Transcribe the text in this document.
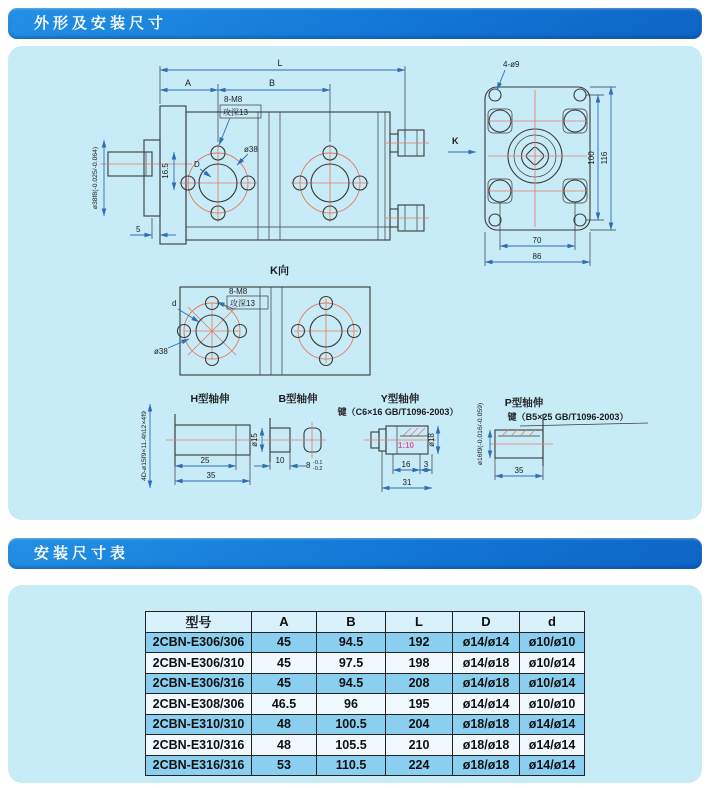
外形及安装尺寸
8-M8
攻深13
ø38
D
L
A	B
16.5
5
ø38f8(-0.025/-0.064)
4-ø9
K
100 116
70
86
K向
8-M8
攻深13
d
ø38
H型轴伸
4D-ø15f9×11.4h12×4f9	25
35
B型轴伸
ø15
10
8 -0.1
-0.2
Y型轴伸
键（C6×16 GB/T1096-2003）
1:10 ø18
16 3
31
ø16f9(-0.016/-0.059) P型轴伸
键（B5×25 GB/T1096-2003）
35
安装尺寸表
型号	A	B	L	D	d
2CBN-E306/306	45	94.5	192	ø14/ø14	ø10/ø10
2CBN-E306/310	45	97.5	198	ø14/ø18	ø10/ø14
2CBN-E306/316	45	94.5	208	ø14/ø18	ø10/ø14
2CBN-E308/306	46.5	96	195	ø14/ø14	ø10/ø10
2CBN-E310/310	48	100.5	204	ø18/ø18	ø14/ø14
2CBN-E310/316	48	105.5	210	ø18/ø18	ø14/ø14
2CBN-E316/316	53	110.5	224	ø18/ø18	ø14/ø14
